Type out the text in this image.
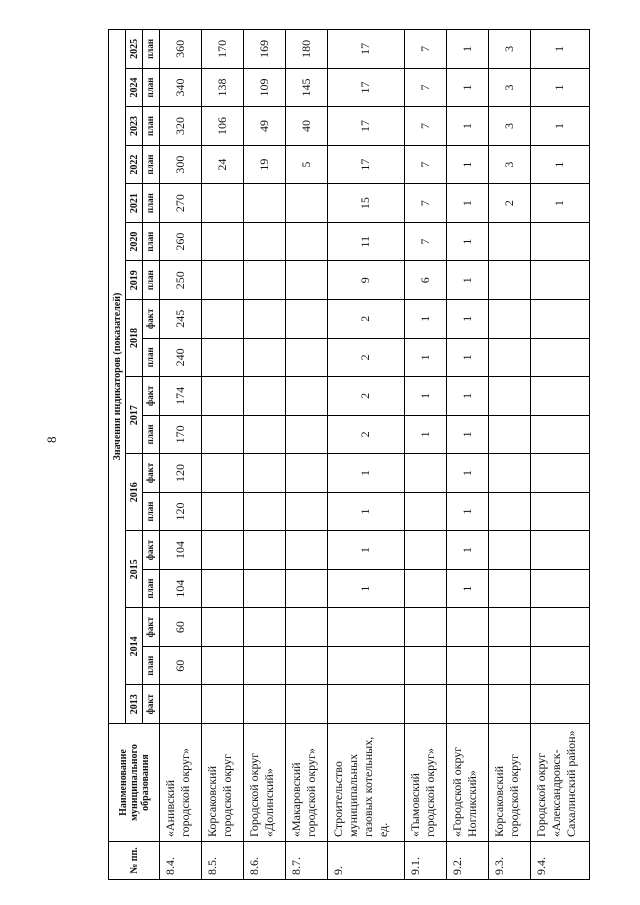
8
№ пп.	Наименование муниципального образования	Значения индикаторов (показателей)																	
		2013	2014		2015		2016		2017		2018		2019	2020	2021	2022	2023	2024	2025
		факт	план	факт	план	факт	план	факт	план	факт	план	факт	план	план	план	план	план	план	план
8.4.	«Анивский городской округ»		60	60	104	104	120	120	170	174	240	245	250	260	270	300	320	340	360
8.5.	Корсаковский городской округ															24	106	138	170
8.6.	Городской округ «Долинский»															19	49	109	169
8.7.	«Макаровский городской округ»															5	40	145	180
9.	Строительство муниципальных газовых котельных, ед.				1	1	1	1	2	2	2	2	9	11	15	17	17	17	17
9.1.	«Тымовский городской округ»								1	1	1	1	6	7	7	7	7	7	7
9.2.	«Городской округ Ногликский»				1	1	1	1	1	1	1	1	1	1	1	1	1	1	1
9.3.	Корсаковский городской округ														2	3	3	3	3
9.4.	Городской округ «Александровск-Сахалинский район»														1	1	1	1	1
